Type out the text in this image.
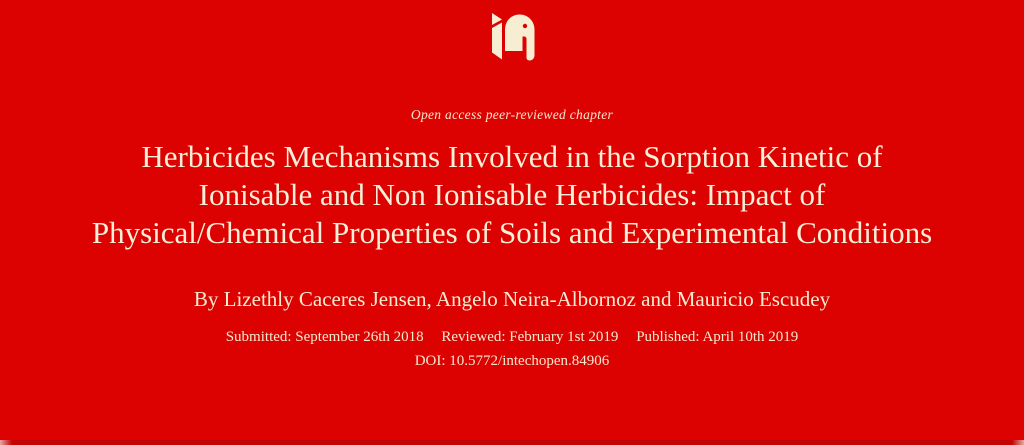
Open access peer-reviewed chapter
Herbicides Mechanisms Involved in the Sorption Kinetic of
Ionisable and Non Ionisable Herbicides: Impact of
Physical/Chemical Properties of Soils and Experimental Conditions
By Lizethly Caceres Jensen, Angelo Neira-Albornoz and Mauricio Escudey
Submitted: September 26th 2018 Reviewed: February 1st 2019 Published: April 10th 2019
DOI: 10.5772/intechopen.84906
